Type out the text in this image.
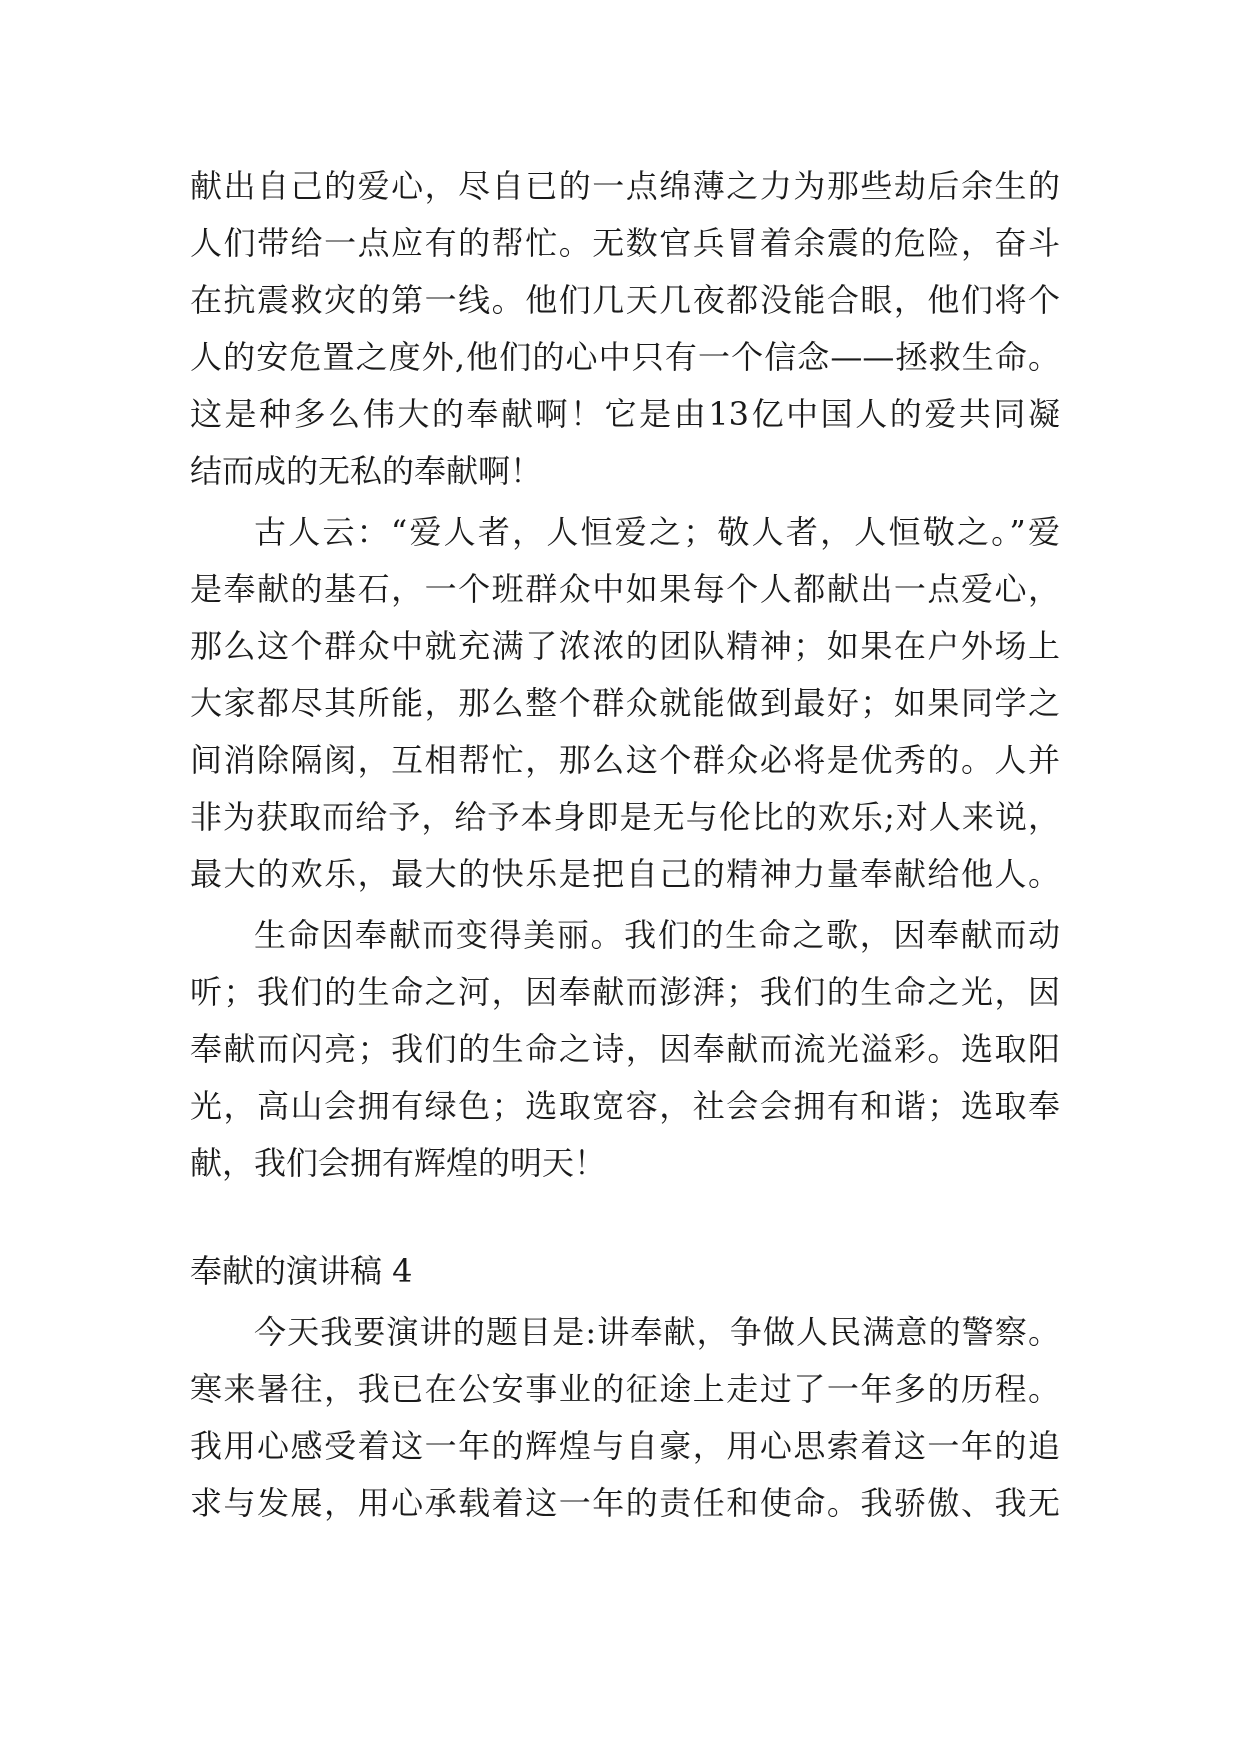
献出自己的爱心，尽自已的一点绵薄之力为那些劫后余生的
人们带给一点应有的帮忙。无数官兵冒着余震的危险，奋斗
在抗震救灾的第一线。他们几天几夜都没能合眼，他们将个
人的安危置之度外,他们的心中只有一个信念——拯救生命。
这是种多么伟大的奉献啊！它是由13亿中国人的爱共同凝
结而成的无私的奉献啊！
古人云：“爱人者，人恒爱之；敬人者，人恒敬之。”爱
是奉献的基石，一个班群众中如果每个人都献出一点爱心，
那么这个群众中就充满了浓浓的团队精神；如果在户外场上
大家都尽其所能，那么整个群众就能做到最好；如果同学之
间消除隔阂，互相帮忙，那么这个群众必将是优秀的。人并
非为获取而给予，给予本身即是无与伦比的欢乐;对人来说，
最大的欢乐，最大的快乐是把自己的精神力量奉献给他人。
生命因奉献而变得美丽。我们的生命之歌，因奉献而动
听；我们的生命之河，因奉献而澎湃；我们的生命之光，因
奉献而闪亮；我们的生命之诗，因奉献而流光溢彩。选取阳
光，高山会拥有绿色；选取宽容，社会会拥有和谐；选取奉
献，我们会拥有辉煌的明天！
奉献的演讲稿 4
今天我要演讲的题目是:讲奉献，争做人民满意的警察。
寒来暑往，我已在公安事业的征途上走过了一年多的历程。
我用心感受着这一年的辉煌与自豪，用心思索着这一年的追
求与发展，用心承载着这一年的责任和使命。我骄傲、我无
